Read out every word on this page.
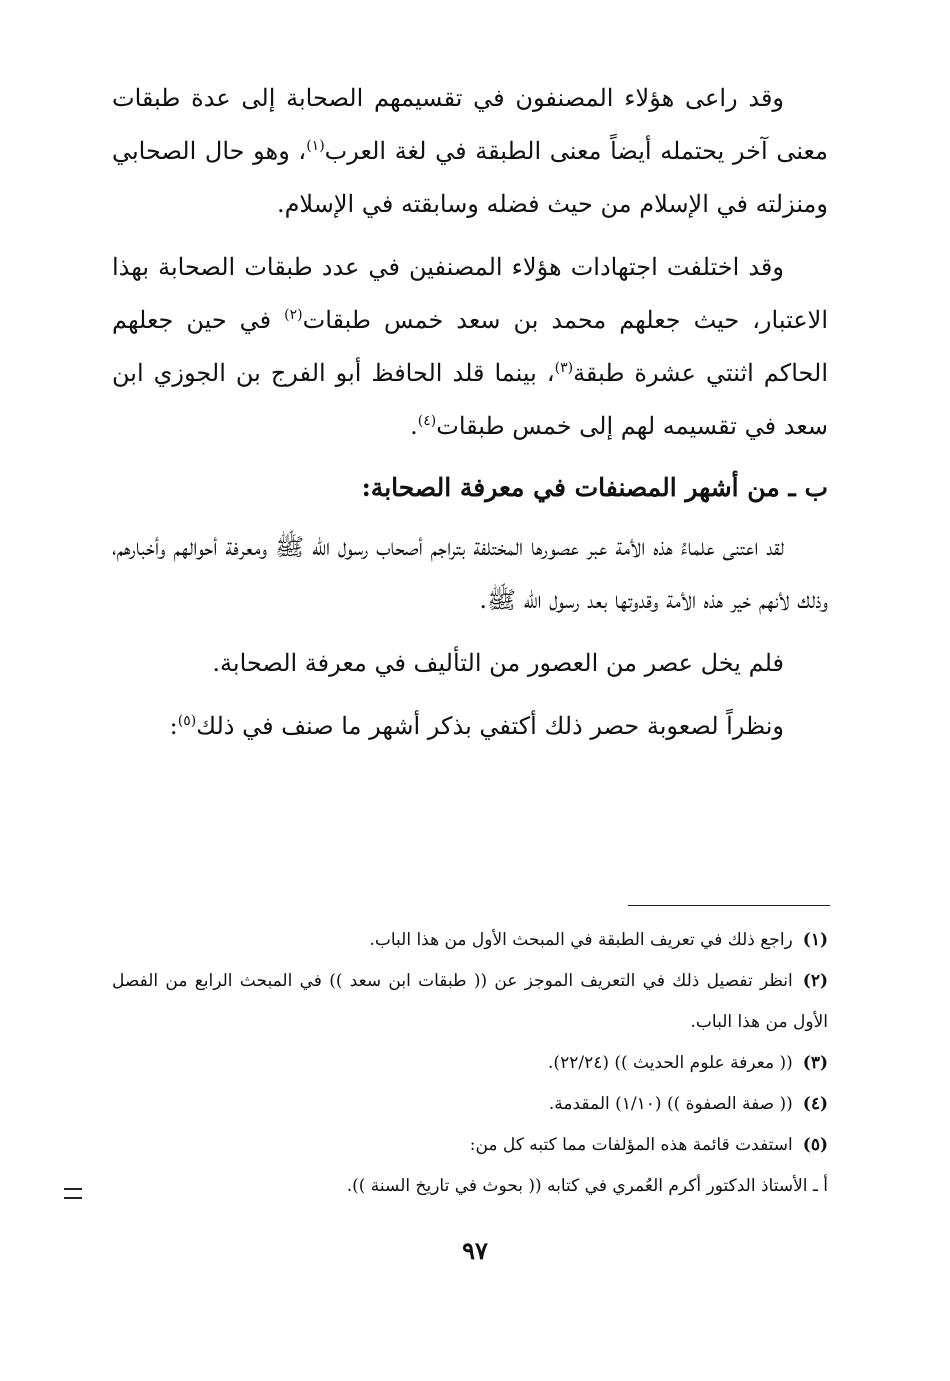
وقد راعى هؤلاء المصنفون في تقسيمهم الصحابة إلى عدة طبقات معنى آخر يحتمله أيضاً معنى الطبقة في لغة العرب$^{(١)}$، وهو حال الصحابي ومنزلته في الإسلام من حيث فضله وسابقته في الإسلام.

وقد اختلفت اجتهادات هؤلاء المصنفين في عدد طبقات الصحابة بهذا الاعتبار، حيث جعلهم محمد بن سعد خمس طبقات$^{(٢)}$ في حين جعلهم الحاكم اثنتي عشرة طبقة$^{(٣)}$، بينما قلد الحافظ أبو الفرج بن الجوزي ابن سعد في تقسيمه لهم إلى خمس طبقات$^{(٤)}$.

ب ـ من أشهر المصنفات في معرفة الصحابة:

لقد اعتنى علماءُ هذه الأمة عبر عصورها المختلفة بتراجم أصحاب رسول الله ﷺ ومعرفة أحوالهم وأخبارهم، وذلك لأنهم خير هذه الأمة وقدوتها بعد رسول الله ﷺ.

فلم يخل عصر من العصور من التأليف في معرفة الصحابة.

ونظراً لصعوبة حصر ذلك أكتفي بذكر أشهر ما صنف في ذلك$^{(٥)}$:

(١)راجع ذلك في تعريف الطبقة في المبحث الأول من هذا الباب.

(٢)انظر تفصيل ذلك في التعريف الموجز عن (( طبقات ابن سعد )) في المبحث الرابع من الفصل الأول من هذا الباب.

(٣)(( معرفة علوم الحديث )) (٢٢/٢٤).

(٤)(( صفة الصفوة )) (١/١٠) المقدمة.

(٥)استفدت قائمة هذه المؤلفات مما كتبه كل من:

أ ـ الأستاذ الدكتور أكرم العُمري في كتابه (( بحوث في تاريخ السنة )).

٩٧
